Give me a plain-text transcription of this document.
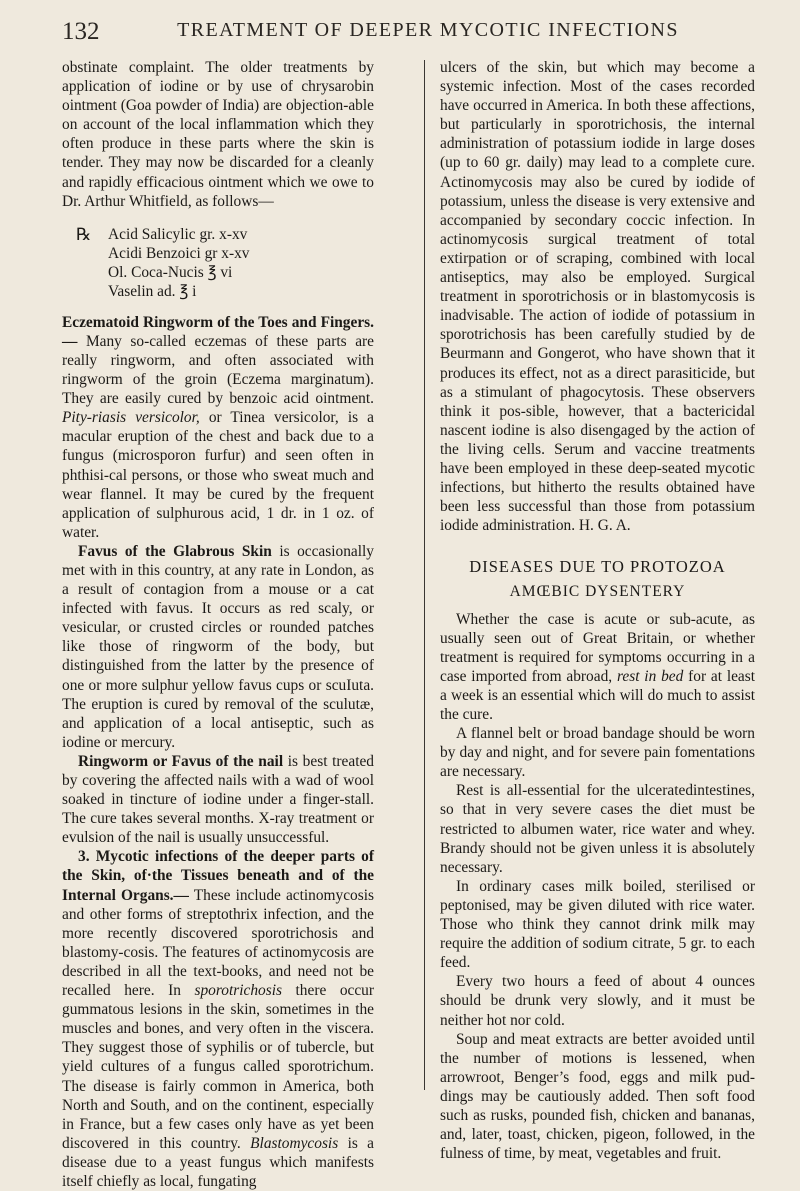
132	TREATMENT OF DEEPER MYCOTIC INFECTIONS

obstinate complaint. The older treatments by application of iodine or by use of chrysarobin ointment (Goa powder of India) are objection-able on account of the local inflammation which they often produce in these parts where the skin is tender. They may now be discarded for a cleanly and rapidly efficacious ointment which we owe to Dr. Arthur Whitfield, as follows—

℞	Acid Salicylic gr. x-xv
Acidi Benzoici gr x-xv
Ol. Coca-Nucis ℥ vi
Vaselin ad. ℥ i

Eczematoid Ringworm of the Toes and Fingers.— Many so-called eczemas of these parts are really ringworm, and often associated with ringworm of the groin (Eczema marginatum). They are easily cured by benzoic acid ointment. Pity-riasis versicolor, or Tinea versicolor, is a macular eruption of the chest and back due to a fungus (microsporon furfur) and seen often in phthisi-cal persons, or those who sweat much and wear flannel. It may be cured by the frequent application of sulphurous acid, 1 dr. in 1 oz. of water.

Favus of the Glabrous Skin is occasionally met with in this country, at any rate in London, as a result of contagion from a mouse or a cat infected with favus. It occurs as red scaly, or vesicular, or crusted circles or rounded patches like those of ringworm of the body, but distinguished from the latter by the presence of one or more sulphur yellow favus cups or scuIuta. The eruption is cured by removal of the sculutæ, and application of a local antiseptic, such as iodine or mercury.

Ringworm or Favus of the nail is best treated by covering the affected nails with a wad of wool soaked in tincture of iodine under a finger-stall. The cure takes several months. X-ray treatment or evulsion of the nail is usually unsuccessful.

3. Mycotic infections of the deeper parts of the Skin, of·the Tissues beneath and of the Internal Organs.— These include actinomycosis and other forms of streptothrix infection, and the more recently discovered sporotrichosis and blastomy-cosis. The features of actinomycosis are described in all the text-books, and need not be recalled here. In sporotrichosis there occur gummatous lesions in the skin, sometimes in the muscles and bones, and very often in the viscera. They suggest those of syphilis or of tubercle, but yield cultures of a fungus called sporotrichum. The disease is fairly common in America, both North and South, and on the continent, especially in France, but a few cases only have as yet been discovered in this country. Blastomycosis is a disease due to a yeast fungus which manifests itself chiefly as local, fungating

ulcers of the skin, but which may become a systemic infection. Most of the cases recorded have occurred in America. In both these affections, but particularly in sporotrichosis, the internal administration of potassium iodide in large doses (up to 60 gr. daily) may lead to a complete cure. Actinomycosis may also be cured by iodide of potassium, unless the disease is very extensive and accompanied by secondary coccic infection. In actinomycosis surgical treatment of total extirpation or of scraping, combined with local antiseptics, may also be employed. Surgical treatment in sporotrichosis or in blastomycosis is inadvisable. The action of iodide of potassium in sporotrichosis has been carefully studied by de Beurmann and Gongerot, who have shown that it produces its effect, not as a direct parasiticide, but as a stimulant of phagocytosis. These observers think it pos-sible, however, that a bactericidal nascent iodine is also disengaged by the action of the living cells. Serum and vaccine treatments have been employed in these deep-seated mycotic infections, but hitherto the results obtained have been less successful than those from potassium iodide administration. H. G. A.

DISEASES DUE TO PROTOZOA
AMŒBIC DYSENTERY

Whether the case is acute or sub-acute, as usually seen out of Great Britain, or whether treatment is required for symptoms occurring in a case imported from abroad, rest in bed for at least a week is an essential which will do much to assist the cure.

A flannel belt or broad bandage should be worn by day and night, and for severe pain fomentations are necessary.

Rest is all-essential for the ulceratedintestines, so that in very severe cases the diet must be restricted to albumen water, rice water and whey. Brandy should not be given unless it is absolutely necessary.

In ordinary cases milk boiled, sterilised or peptonised, may be given diluted with rice water. Those who think they cannot drink milk may require the addition of sodium citrate, 5 gr. to each feed.

Every two hours a feed of about 4 ounces should be drunk very slowly, and it must be neither hot nor cold.

Soup and meat extracts are better avoided until the number of motions is lessened, when arrowroot, Benger’s food, eggs and milk pud-dings may be cautiously added. Then soft food such as rusks, pounded fish, chicken and bananas, and, later, toast, chicken, pigeon, followed, in the fulness of time, by meat, vegetables and fruit.
